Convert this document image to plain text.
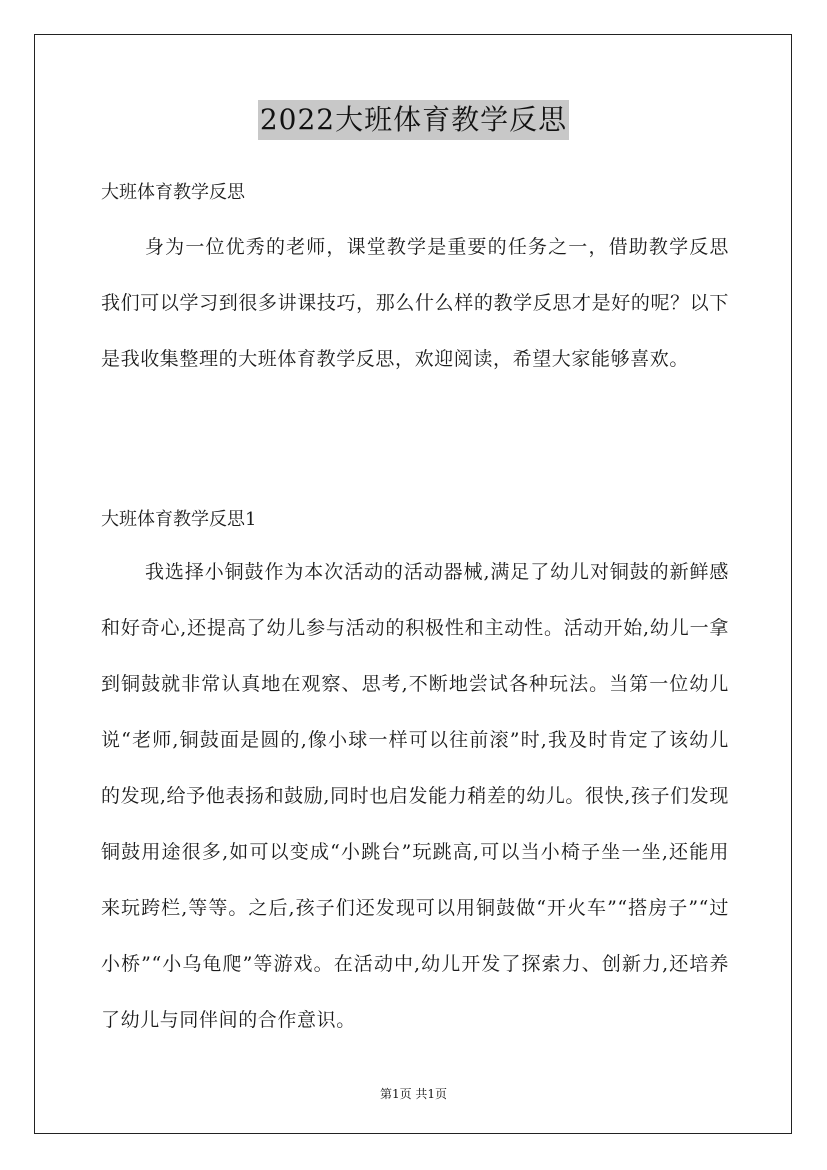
2022大班体育教学反思
大班体育教学反思

身为一位优秀的老师，课堂教学是重要的任务之一，借助教学反思我们可以学习到很多讲课技巧，那么什么样的教学反思才是好的呢？以下是我收集整理的大班体育教学反思，欢迎阅读，希望大家能够喜欢。

大班体育教学反思1

我选择小铜鼓作为本次活动的活动器械,满足了幼儿对铜鼓的新鲜感和好奇心,还提高了幼儿参与活动的积极性和主动性。活动开始,幼儿一拿到铜鼓就非常认真地在观察、思考,不断地尝试各种玩法。当第一位幼儿说“老师,铜鼓面是圆的,像小球一样可以往前滚”时,我及时肯定了该幼儿的发现,给予他表扬和鼓励,同时也启发能力稍差的幼儿。很快,孩子们发现铜鼓用途很多,如可以变成“小跳台”玩跳高,可以当小椅子坐一坐,还能用来玩跨栏,等等。之后,孩子们还发现可以用铜鼓做“开火车”“搭房子”“过小桥”“小乌龟爬”等游戏。在活动中,幼儿开发了探索力、创新力,还培养了幼儿与同伴间的合作意识。

第1页 共1页
